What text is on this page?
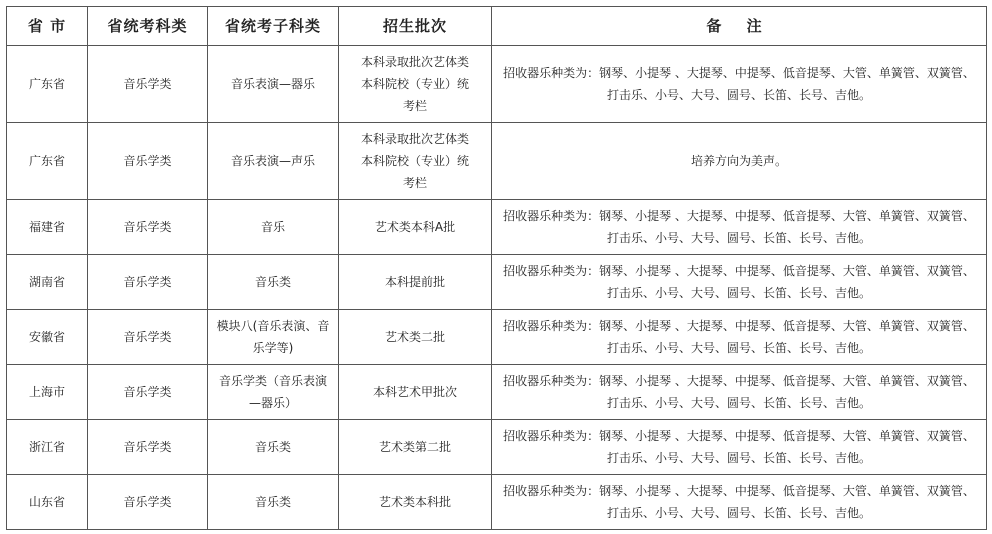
省 市	省统考科类	省统考子科类	招生批次	备 注
广东省	音乐学类	音乐表演—器乐	本科录取批次艺体类本科院校（专业）统考栏	招收器乐种类为：钢琴、小提琴 、大提琴、中提琴、低音提琴、大管、单簧管、双簧管、打击乐、小号、大号、圆号、长笛、长号、吉他。
广东省	音乐学类	音乐表演—声乐	本科录取批次艺体类本科院校（专业）统考栏	培养方向为美声。
福建省	音乐学类	音乐	艺术类本科A批	招收器乐种类为：钢琴、小提琴 、大提琴、中提琴、低音提琴、大管、单簧管、双簧管、打击乐、小号、大号、圆号、长笛、长号、吉他。
湖南省	音乐学类	音乐类	本科提前批	招收器乐种类为：钢琴、小提琴 、大提琴、中提琴、低音提琴、大管、单簧管、双簧管、打击乐、小号、大号、圆号、长笛、长号、吉他。
安徽省	音乐学类	模块八(音乐表演、音乐学等)	艺术类二批	招收器乐种类为：钢琴、小提琴 、大提琴、中提琴、低音提琴、大管、单簧管、双簧管、打击乐、小号、大号、圆号、长笛、长号、吉他。
上海市	音乐学类	音乐学类（音乐表演—器乐）	本科艺术甲批次	招收器乐种类为：钢琴、小提琴 、大提琴、中提琴、低音提琴、大管、单簧管、双簧管、打击乐、小号、大号、圆号、长笛、长号、吉他。
浙江省	音乐学类	音乐类	艺术类第二批	招收器乐种类为：钢琴、小提琴 、大提琴、中提琴、低音提琴、大管、单簧管、双簧管、打击乐、小号、大号、圆号、长笛、长号、吉他。
山东省	音乐学类	音乐类	艺术类本科批	招收器乐种类为：钢琴、小提琴 、大提琴、中提琴、低音提琴、大管、单簧管、双簧管、打击乐、小号、大号、圆号、长笛、长号、吉他。
